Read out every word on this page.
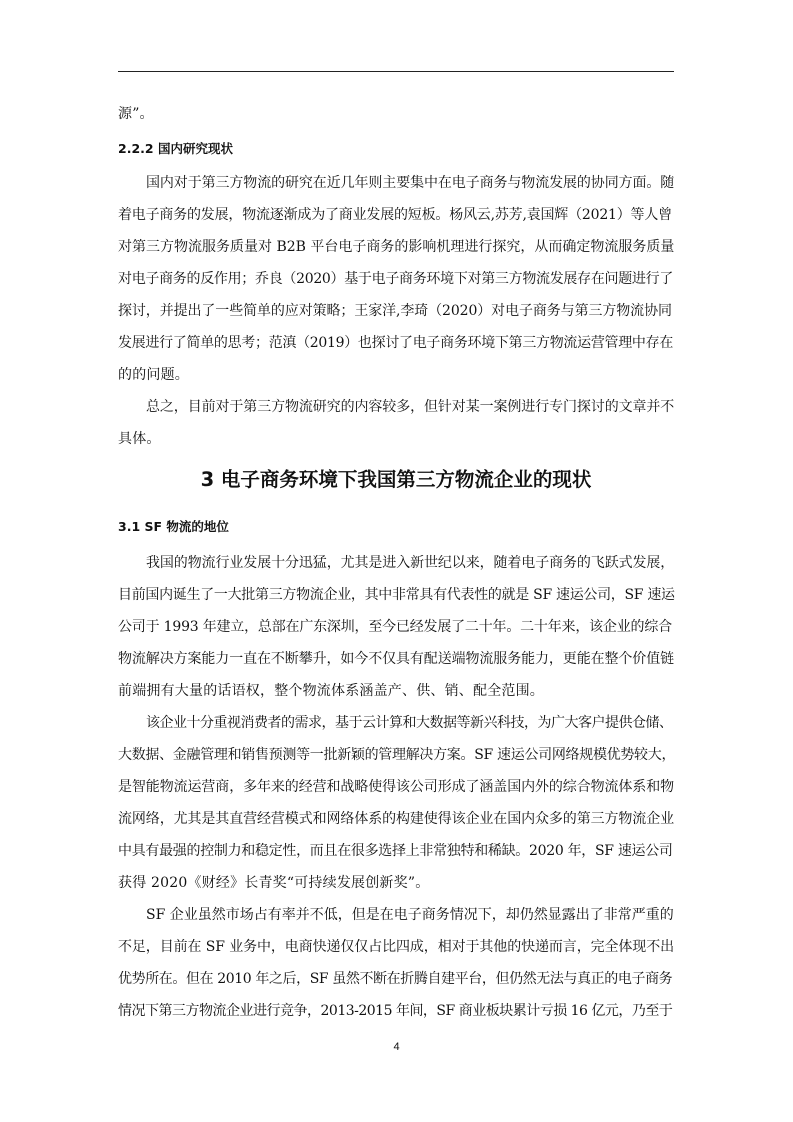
源”。
2.2.2 国内研究现状
国内对于第三方物流的研究在近几年则主要集中在电子商务与物流发展的协同方面。随
着电子商务的发展，物流逐渐成为了商业发展的短板。杨风云,苏芳,袁国辉（2021）等人曾
对第三方物流服务质量对 B2B 平台电子商务的影响机理进行探究，从而确定物流服务质量
对电子商务的反作用；乔良（2020）基于电子商务环境下对第三方物流发展存在问题进行了
探讨，并提出了一些简单的应对策略；王家洋,李琦（2020）对电子商务与第三方物流协同
发展进行了简单的思考；范滇（2019）也探讨了电子商务环境下第三方物流运营管理中存在
的的问题。
总之，目前对于第三方物流研究的内容较多，但针对某一案例进行专门探讨的文章并不
具体。
3 电子商务环境下我国第三方物流企业的现状
3.1 SF 物流的地位
我国的物流行业发展十分迅猛，尤其是进入新世纪以来，随着电子商务的飞跃式发展，
目前国内诞生了一大批第三方物流企业，其中非常具有代表性的就是 SF 速运公司，SF 速运
公司于 1993 年建立，总部在广东深圳，至今已经发展了二十年。二十年来，该企业的综合
物流解决方案能力一直在不断攀升，如今不仅具有配送端物流服务能力，更能在整个价值链
前端拥有大量的话语权，整个物流体系涵盖产、供、销、配全范围。
该企业十分重视消费者的需求，基于云计算和大数据等新兴科技，为广大客户提供仓储、
大数据、金融管理和销售预测等一批新颖的管理解决方案。SF 速运公司网络规模优势较大，
是智能物流运营商，多年来的经营和战略使得该公司形成了涵盖国内外的综合物流体系和物
流网络，尤其是其直营经营模式和网络体系的构建使得该企业在国内众多的第三方物流企业
中具有最强的控制力和稳定性，而且在很多选择上非常独特和稀缺。2020 年，SF 速运公司
获得 2020《财经》长青奖“可持续发展创新奖”。
SF 企业虽然市场占有率并不低，但是在电子商务情况下，却仍然显露出了非常严重的
不足，目前在 SF 业务中，电商快递仅仅占比四成，相对于其他的快递而言，完全体现不出
优势所在。但在 2010 年之后，SF 虽然不断在折腾自建平台，但仍然无法与真正的电子商务
情况下第三方物流企业进行竞争，2013-2015 年间，SF 商业板块累计亏损 16 亿元，乃至于
4
